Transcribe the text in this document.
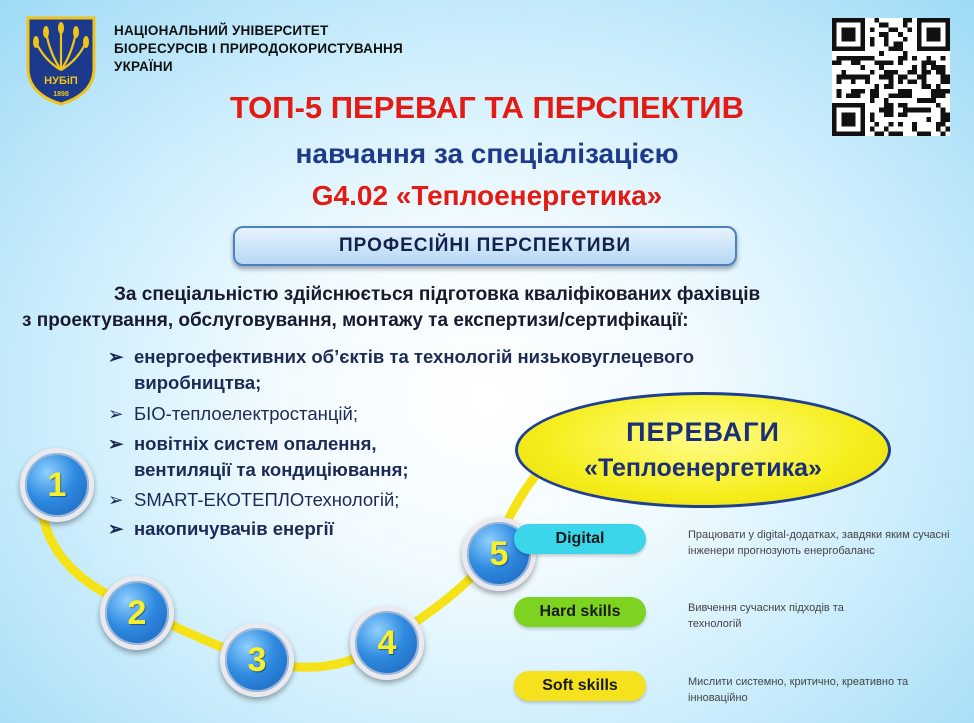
НУБіП
1898
НАЦІОНАЛЬНИЙ УНІВЕРСИТЕТ
БІОРЕСУРСІВ І ПРИРОДОКОРИСТУВАННЯ
УКРАЇНИ
ТОП-5 ПЕРЕВАГ ТА ПЕРСПЕКТИВ
навчання за спеціалізацією
G4.02 «Теплоенергетика»
ПРОФЕСІЙНІ ПЕРСПЕКТИВИ
За спеціальністю здійснюється підготовка кваліфікованих фахівців
з проектування, обслуговування, монтажу та експертизи/сертифікації:
➢ енергоефективних об’єктів та технологій низьковуглецевого
виробництва;
➢ БІО-теплоелектростанцій;
➢ новітніх систем опалення,
вентиляції та кондиціювання;
➢ SMART-ЕКОТЕПЛОтехнологій;
➢ накопичувачів енергії
ПЕРЕВАГИ
«Теплоенергетика»
1
2
3	4
5	Digital	Працювати у digital-додатках, завдяки яким сучасні
інженери прогнозують енергобаланс
Hard skills	Вивчення сучасних підходів та
технологій
Soft skills	Мислити системно, критично, креативно та
інноваційно
